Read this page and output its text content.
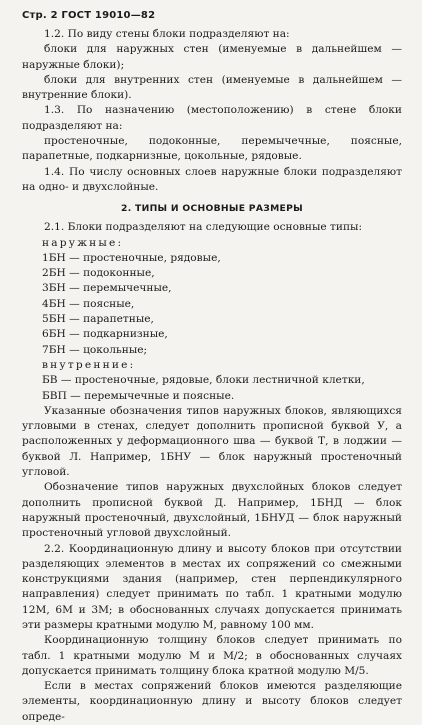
Стр. 2 ГОСТ 19010—82

1.2. По виду стены блоки подразделяют на:

блоки для наружных стен (именуемые в дальнейшем — наружные блоки);

блоки для внутренних стен (именуемые в дальнейшем — внутренние блоки).

1.3. По назначению (местоположению) в стене блоки подразделяют на:

простеночные, подоконные, перемычечные, поясные, парапетные, подкарнизные, цокольные, рядовые.

1.4. По числу основных слоев наружные блоки подразделяют на одно- и двухслойные.

2. ТИПЫ И ОСНОВНЫЕ РАЗМЕРЫ

2.1. Блоки подразделяют на следующие основные типы:

наружные:
1БН — простеночные, рядовые,
2БН — подоконные,
3БН — перемычечные,
4БН — поясные,
5БН — парапетные,
6БН — подкарнизные,
7БН — цокольные;
внутренние:
БВ — простеночные, рядовые, блоки лестничной клетки,
БВП — перемычечные и поясные.

Указанные обозначения типов наружных блоков, являющихся угловыми в стенах, следует дополнить прописной буквой У, а расположенных у деформационного шва — буквой Т, в лоджии — буквой Л. Например, 1БНУ — блок наружный простеночный угловой.

Обозначение типов наружных двухслойных блоков следует дополнить прописной буквой Д. Например, 1БНД — блок наружный простеночный, двухслойный, 1БНУД — блок наружный простеночный угловой двухслойный.

2.2. Координационную длину и высоту блоков при отсутствии разделяющих элементов в местах их сопряжений со смежными конструкциями здания (например, стен перпендикулярного направления) следует принимать по табл. 1 кратными модулю 12М, 6М и 3М; в обоснованных случаях допускается принимать эти размеры кратными модулю М, равному 100 мм.

Координационную толщину блоков следует принимать по табл. 1 кратными модулю М и М/2; в обоснованных случаях допускается принимать толщину блока кратной модулю М/5.

Если в местах сопряжений блоков имеются разделяющие элементы, координационную длину и высоту блоков следует опреде-
